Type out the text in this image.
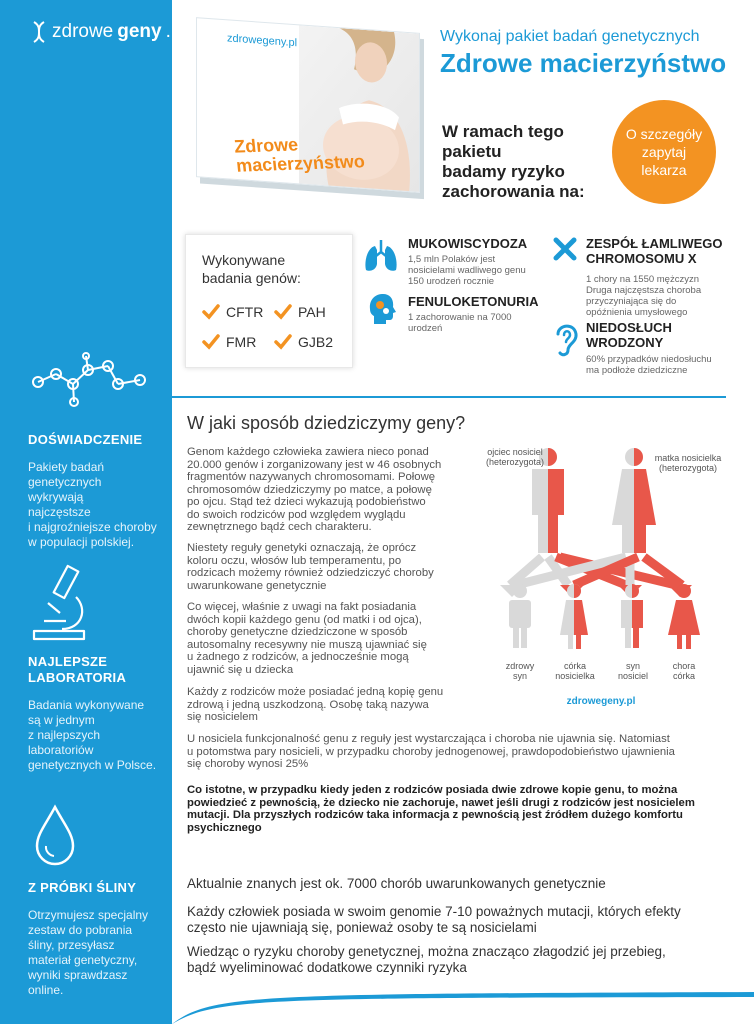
zdrowe geny .pl
DOŚWIADCZENIE
Pakiety badań
genetycznych wykrywają
najczęstsze
i najgroźniejsze choroby
w populacji polskiej.
NAJLEPSZE
LABORATORIA
Badania wykonywane
są w jednym
z najlepszych
laboratoriów
genetycznych w Polsce.
Z PRÓBKI ŚLINY
Otrzymujesz specjalny
zestaw do pobrania
śliny, przesyłasz
materiał genetyczny,
wyniki sprawdzasz
online.
zdrowegeny.pl
Zdrowe
macierzyństwo
Wykonaj pakiet badań genetycznych
Zdrowe macierzyństwo
W ramach tego
pakietu
badamy ryzyko
zachorowania na:
O szczegóły
zapytaj
lekarza
Wykonywane
badania genów:
CFTR PAH
FMR	GJB2
MUKOWISCYDOZA
1,5 mln Polaków jest
nosicielami wadliwego genu
150 urodzeń rocznie
FENULOKETONURIA
1 zachorowanie na 7000
urodzeń
ZESPÓŁ ŁAMLIWEGO
CHROMOSOMU X
1 chory na 1550 mężczyzn
Druga najczęstsza choroba
przyczyniająca się do
opóźnienia umysłowego
NIEDOSŁUCH
WRODZONY
60% przypadków niedosłuchu
ma podłoże dziedziczne
W jaki sposób dziedziczymy geny?
Genom każdego człowieka zawiera nieco ponad
20.000 genów i zorganizowany jest w 46 osobnych
fragmentów nazywanych chromosomami. Połowę
chromosomów dziedziczymy po matce, a połowę
po ojcu. Stąd też dzieci wykazują podobieństwo
do swoich rodziców pod względem wyglądu
zewnętrznego bądź cech charakteru.
Niestety reguły genetyki oznaczają, że oprócz
koloru oczu, włosów lub temperamentu, po
rodzicach możemy również odziedziczyć choroby
uwarunkowane genetycznie
Co więcej, właśnie z uwagi na fakt posiadania
dwóch kopii każdego genu (od matki i od ojca),
choroby genetyczne dziedziczone w sposób
autosomalny recesywny nie muszą ujawniać się
u żadnego z rodziców, a jednocześnie mogą
ujawnić się u dziecka
Każdy z rodziców może posiadać jedną kopię genu
zdrową i jedną uszkodzoną. Osobę taką nazywa
się nosicielem
U nosiciela funkcjonalność genu z reguły jest wystarczająca i choroba nie ujawnia się. Natomiast
u potomstwa pary nosicieli, w przypadku choroby jednogenowej, prawdopodobieństwo ujawnienia
się choroby wynosi 25%
Co istotne, w przypadku kiedy jeden z rodziców posiada dwie zdrowe kopie genu, to można
powiedzieć z pewnością, że dziecko nie zachoruje, nawet jeśli drugi z rodziców jest nosicielem
mutacji. Dla przyszłych rodziców taka informacja z pewnością jest źródłem dużego komfortu
psychicznego
Aktualnie znanych jest ok. 7000 chorób uwarunkowanych genetycznie
Każdy człowiek posiada w swoim genomie 7-10 poważnych mutacji, których efekty
często nie ujawniają się, ponieważ osoby te są nosicielami
Wiedząc o ryzyku choroby genetycznej, można znacząco złagodzić jej przebieg,
bądź wyeliminować dodatkowe czynniki ryzyka
ojciec nosiciel
(heterozygota)	matka nosicielka
(heterozygota)
zdrowy
syn
córka
nosicielka
syn
nosiciel
chora
córka
zdrowegeny.pl
